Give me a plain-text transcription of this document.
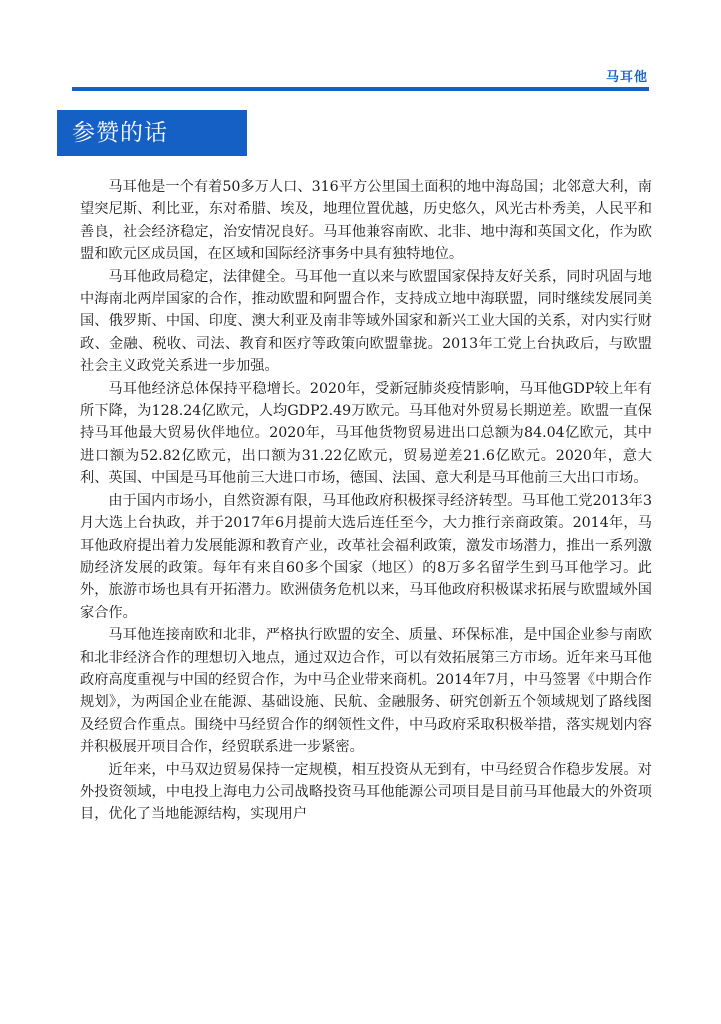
马耳他
参赞的话

马耳他是一个有着50多万人口、316平方公里国土面积的地中海岛国；北邻意大利，南望突尼斯、利比亚，东对希腊、埃及，地理位置优越，历史悠久，风光古朴秀美，人民平和善良，社会经济稳定，治安情况良好。马耳他兼容南欧、北非、地中海和英国文化，作为欧盟和欧元区成员国，在区域和国际经济事务中具有独特地位。

马耳他政局稳定，法律健全。马耳他一直以来与欧盟国家保持友好关系，同时巩固与地中海南北两岸国家的合作，推动欧盟和阿盟合作，支持成立地中海联盟，同时继续发展同美国、俄罗斯、中国、印度、澳大利亚及南非等域外国家和新兴工业大国的关系，对内实行财政、金融、税收、司法、教育和医疗等政策向欧盟靠拢。2013年工党上台执政后，与欧盟社会主义政党关系进一步加强。

马耳他经济总体保持平稳增长。2020年，受新冠肺炎疫情影响，马耳他GDP较上年有所下降，为128.24亿欧元，人均GDP2.49万欧元。马耳他对外贸易长期逆差。欧盟一直保持马耳他最大贸易伙伴地位。2020年，马耳他货物贸易进出口总额为84.04亿欧元，其中进口额为52.82亿欧元，出口额为31.22亿欧元，贸易逆差21.6亿欧元。2020年，意大利、英国、中国是马耳他前三大进口市场，德国、法国、意大利是马耳他前三大出口市场。

由于国内市场小，自然资源有限，马耳他政府积极探寻经济转型。马耳他工党2013年3月大选上台执政，并于2017年6月提前大选后连任至今，大力推行亲商政策。2014年，马耳他政府提出着力发展能源和教育产业，改革社会福利政策，激发市场潜力，推出一系列激励经济发展的政策。每年有来自60多个国家（地区）的8万多名留学生到马耳他学习。此外，旅游市场也具有开拓潜力。欧洲债务危机以来，马耳他政府积极谋求拓展与欧盟域外国家合作。

马耳他连接南欧和北非，严格执行欧盟的安全、质量、环保标准，是中国企业参与南欧和北非经济合作的理想切入地点，通过双边合作，可以有效拓展第三方市场。近年来马耳他政府高度重视与中国的经贸合作，为中马企业带来商机。2014年7月，中马签署《中期合作规划》，为两国企业在能源、基础设施、民航、金融服务、研究创新五个领域规划了路线图及经贸合作重点。围绕中马经贸合作的纲领性文件，中马政府采取积极举措，落实规划内容并积极展开项目合作，经贸联系进一步紧密。

近年来，中马双边贸易保持一定规模，相互投资从无到有，中马经贸合作稳步发展。对外投资领域，中电投上海电力公司战略投资马耳他能源公司项目是目前马耳他最大的外资项目，优化了当地能源结构，实现用户
